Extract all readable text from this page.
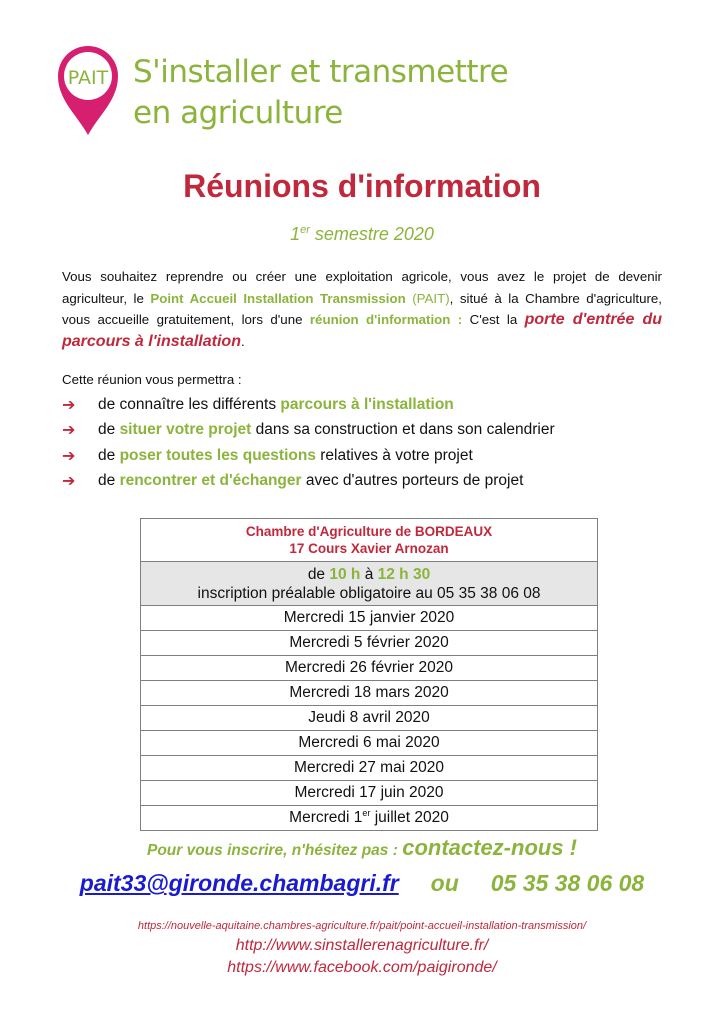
PAIT S'installer et transmettre
en agriculture
Réunions d'information
1er semestre 2020
Vous souhaitez reprendre ou créer une exploitation agricole, vous avez le projet de devenir agriculteur, le Point Accueil Installation Transmission (PAIT), situé à la Chambre d'agriculture, vous accueille gratuitement, lors d'une réunion d'information : C'est la porte d'entrée du parcours à l'installation.
Cette réunion vous permettra :
➔	de connaître les différents
parcours à l'installation
➔	de
situer votre projet
dans sa construction et dans son calendrier
➔	de
poser toutes les questions
relatives à votre projet
➔	de
rencontrer et d'échanger
avec d'autres porteurs de projet
Chambre d'Agriculture de BORDEAUX
17 Cours Xavier Arnozan

de 10 h à 12 h 30
inscription préalable obligatoire au 05 35 38 06 08

Mercredi 15 janvier 2020
Mercredi 5 février 2020
Mercredi 26 février 2020
Mercredi 18 mars 2020
Jeudi 8 avril 2020
Mercredi 6 mai 2020
Mercredi 27 mai 2020
Mercredi 17 juin 2020
Mercredi 1er juillet 2020
Pour vous inscrire, n'hésitez pas : contactez-nous !
pait33@gironde.chambagri.fr ou 05 35 38 06 08
https://nouvelle-aquitaine.chambres-agriculture.fr/pait/point-accueil-installation-transmission/
http://www.sinstallerenagriculture.fr/
https://www.facebook.com/paigironde/
